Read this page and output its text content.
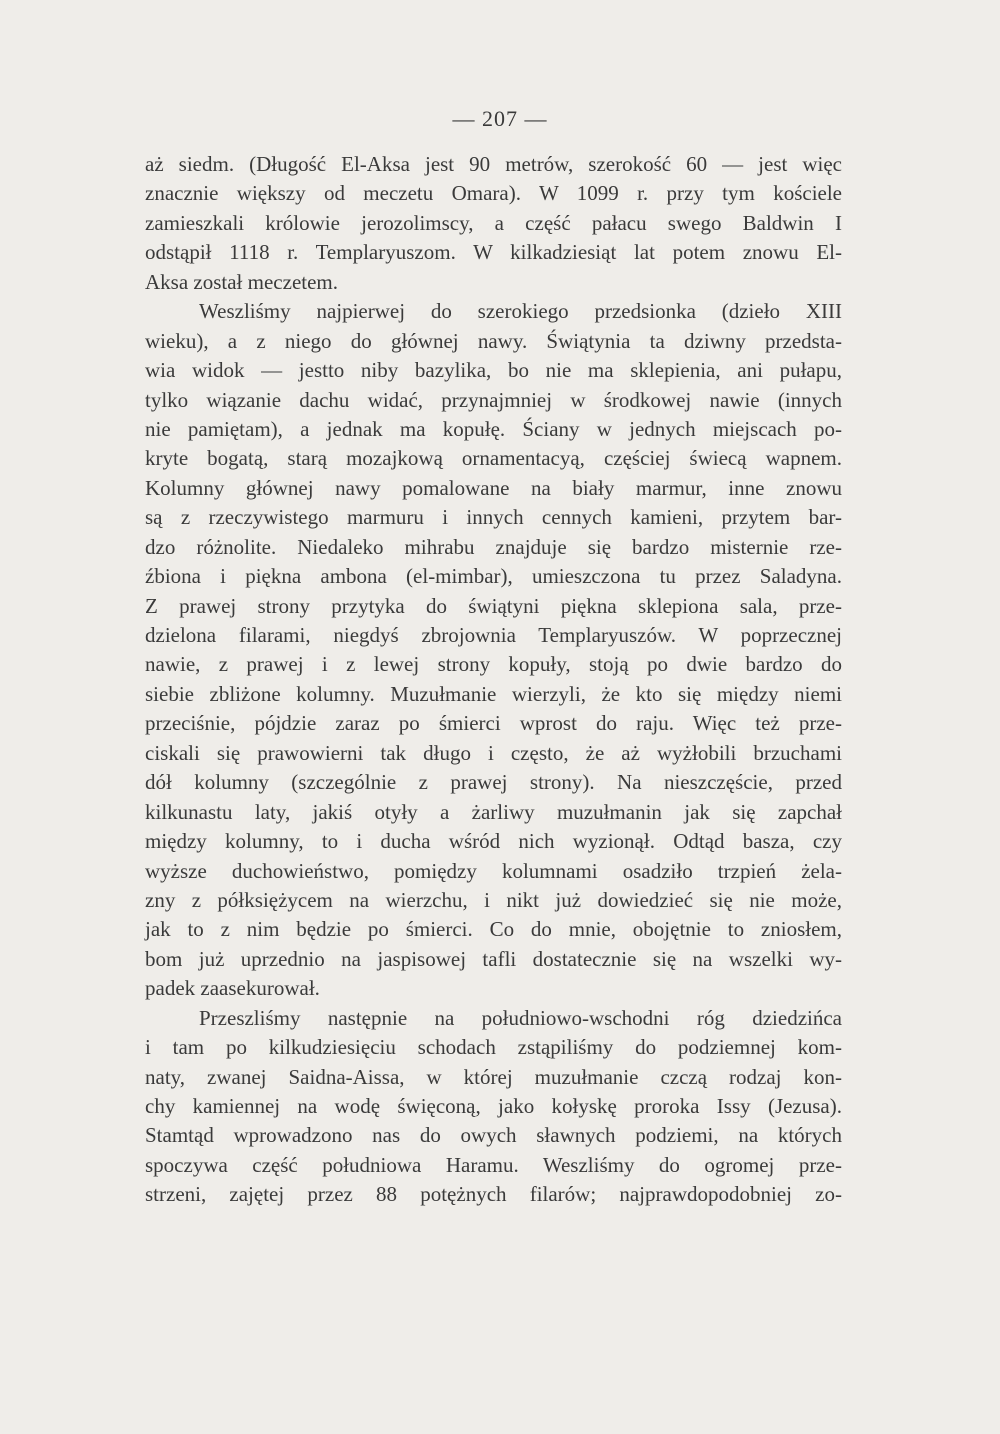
— 207 —
aż siedm. (Długość El-Aksa jest 90 metrów, szerokość 60 — jest więc
znacznie większy od meczetu Omara). W 1099 r. przy tym kościele
zamieszkali królowie jerozolimscy, a część pałacu swego Baldwin I
odstąpił 1118 r. Templaryuszom. W kilkadziesiąt lat potem znowu El-
Aksa został meczetem.
Weszliśmy najpierwej do szerokiego przedsionka (dzieło XIII
wieku), a z niego do głównej nawy. Świątynia ta dziwny przedsta-
wia widok — jestto niby bazylika, bo nie ma sklepienia, ani pułapu,
tylko wiązanie dachu widać, przynajmniej w środkowej nawie (innych
nie pamiętam), a jednak ma kopułę. Ściany w jednych miejscach po-
kryte bogatą, starą mozajkową ornamentacyą, częściej świecą wapnem.
Kolumny głównej nawy pomalowane na biały marmur, inne znowu
są z rzeczywistego marmuru i innych cennych kamieni, przytem bar-
dzo różnolite. Niedaleko mihrabu znajduje się bardzo misternie rze-
źbiona i piękna ambona (el-mimbar), umieszczona tu przez Saladyna.
Z prawej strony przytyka do świątyni piękna sklepiona sala, prze-
dzielona filarami, niegdyś zbrojownia Templaryuszów. W poprzecznej
nawie, z prawej i z lewej strony kopuły, stoją po dwie bardzo do
siebie zbliżone kolumny. Muzułmanie wierzyli, że kto się między niemi
przeciśnie, pójdzie zaraz po śmierci wprost do raju. Więc też prze-
ciskali się prawowierni tak długo i często, że aż wyżłobili brzuchami
dół kolumny (szczególnie z prawej strony). Na nieszczęście, przed
kilkunastu laty, jakiś otyły a żarliwy muzułmanin jak się zapchał
między kolumny, to i ducha wśród nich wyzionął. Odtąd basza, czy
wyższe duchowieństwo, pomiędzy kolumnami osadziło trzpień żela-
zny z półksiężycem na wierzchu, i nikt już dowiedzieć się nie może,
jak to z nim będzie po śmierci. Co do mnie, obojętnie to zniosłem,
bom już uprzednio na jaspisowej tafli dostatecznie się na wszelki wy-
padek zaasekurował.
Przeszliśmy następnie na południowo-wschodni róg dziedzińca
i tam po kilkudziesięciu schodach zstąpiliśmy do podziemnej kom-
naty, zwanej Saidna-Aissa, w której muzułmanie czczą rodzaj kon-
chy kamiennej na wodę święconą, jako kołyskę proroka Issy (Jezusa).
Stamtąd wprowadzono nas do owych sławnych podziemi, na których
spoczywa część południowa Haramu. Weszliśmy do ogromej prze-
strzeni, zajętej przez 88 potężnych filarów; najprawdopodobniej zo-
